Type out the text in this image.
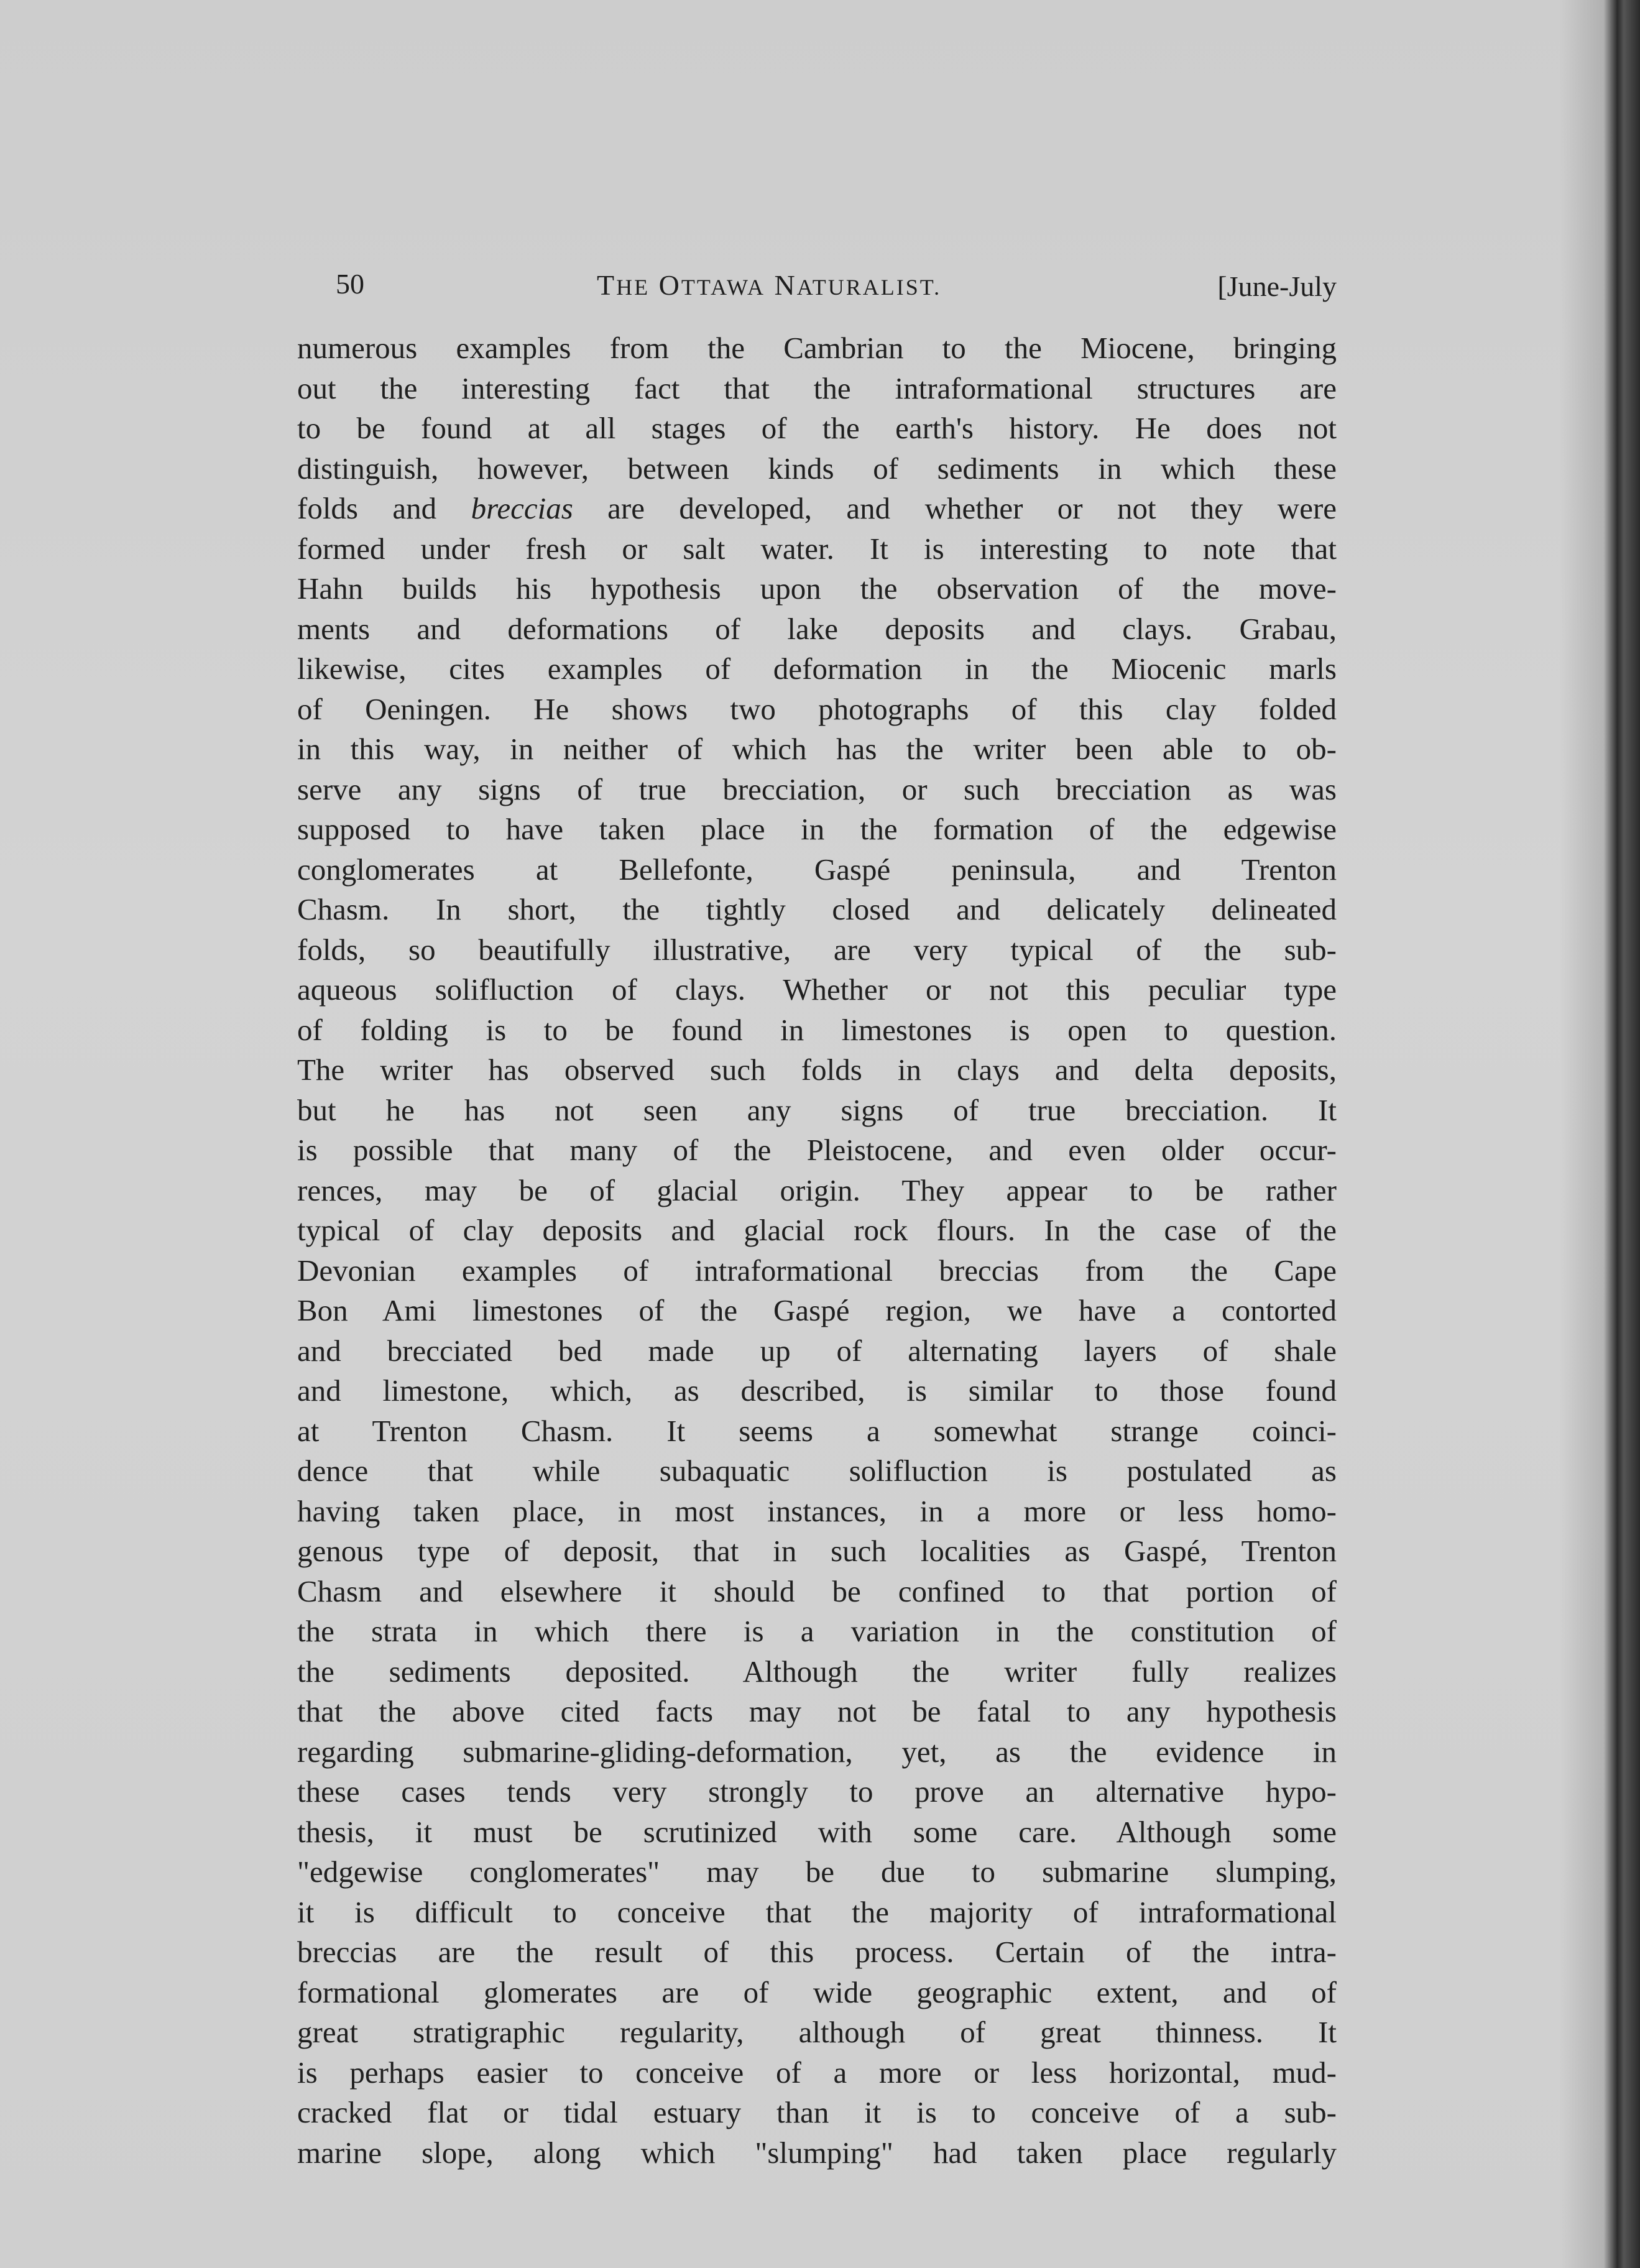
50	THE OTTAWA NATURALIST.	[June-July
numerous examples from the Cambrian to the Miocene, bringing
out the interesting fact that the intraformational structures are
to be found at all stages of the earth's history. He does not
distinguish, however, between kinds of sediments in which these
folds and breccias are developed, and whether or not they were
formed under fresh or salt water. It is interesting to note that
Hahn builds his hypothesis upon the observation of the move-
ments and deformations of lake deposits and clays. Grabau,
likewise, cites examples of deformation in the Miocenic marls
of Oeningen. He shows two photographs of this clay folded
in this way, in neither of which has the writer been able to ob-
serve any signs of true brecciation, or such brecciation as was
supposed to have taken place in the formation of the edgewise
conglomerates at Bellefonte, Gaspé peninsula, and Trenton
Chasm. In short, the tightly closed and delicately delineated
folds, so beautifully illustrative, are very typical of the sub-
aqueous solifluction of clays. Whether or not this peculiar type
of folding is to be found in limestones is open to question.
The writer has observed such folds in clays and delta deposits,
but he has not seen any signs of true brecciation. It
is possible that many of the Pleistocene, and even older occur-
rences, may be of glacial origin. They appear to be rather
typical of clay deposits and glacial rock flours. In the case of the
Devonian examples of intraformational breccias from the Cape
Bon Ami limestones of the Gaspé region, we have a contorted
and brecciated bed made up of alternating layers of shale
and limestone, which, as described, is similar to those found
at Trenton Chasm. It seems a somewhat strange coinci-
dence that while subaquatic solifluction is postulated as
having taken place, in most instances, in a more or less homo-
genous type of deposit, that in such localities as Gaspé, Trenton
Chasm and elsewhere it should be confined to that portion of
the strata in which there is a variation in the constitution of
the sediments deposited. Although the writer fully realizes
that the above cited facts may not be fatal to any hypothesis
regarding submarine-gliding-deformation, yet, as the evidence in
these cases tends very strongly to prove an alternative hypo-
thesis, it must be scrutinized with some care. Although some
"edgewise conglomerates" may be due to submarine slumping,
it is difficult to conceive that the majority of intraformational
breccias are the result of this process. Certain of the intra-
formational glomerates are of wide geographic extent, and of
great stratigraphic regularity, although of great thinness. It
is perhaps easier to conceive of a more or less horizontal, mud-
cracked flat or tidal estuary than it is to conceive of a sub-
marine slope, along which "slumping" had taken place regularly
